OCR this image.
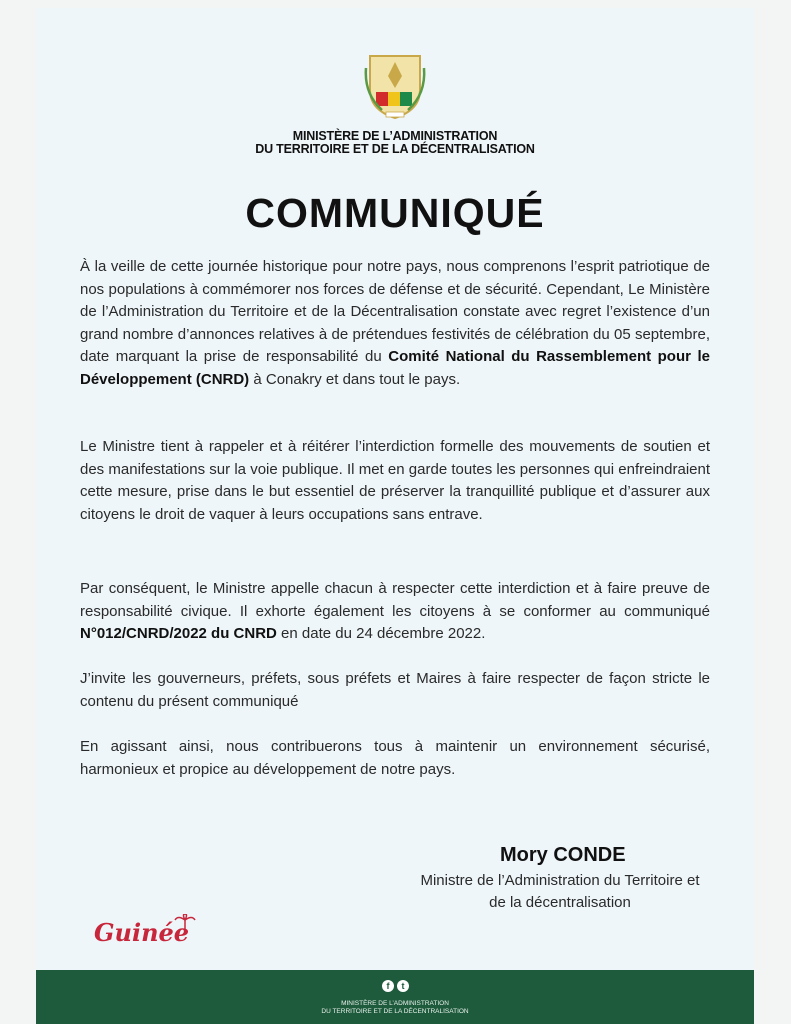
MINISTÈRE DE L’ADMINISTRATION
DU TERRITOIRE ET DE LA DÉCENTRALISATION
COMMUNIQUÉ
À la veille de cette journée historique pour notre pays, nous comprenons l’esprit patriotique de nos populations à commémorer nos forces de défense et de sécurité. Cependant, Le Ministère de l’Administration du Territoire et de la Décentralisation constate avec regret l’existence d’un grand nombre d’annonces relatives à de prétendues festivités de célébration du 05 septembre, date marquant la prise de responsabilité du Comité National du Rassemblement pour le Développement (CNRD) à Conakry et dans tout le pays.
Le Ministre tient à rappeler et à réitérer l’interdiction formelle des mouvements de soutien et des manifestations sur la voie publique. Il met en garde toutes les personnes qui enfreindraient cette mesure, prise dans le but essentiel de préserver la tranquillité publique et d’assurer aux citoyens le droit de vaquer à leurs occupations sans entrave.
Par conséquent, le Ministre appelle chacun à respecter cette interdiction et à faire preuve de responsabilité civique. Il exhorte également les citoyens à se conformer au communiqué N°012/CNRD/2022 du CNRD en date du 24 décembre 2022.
J’invite les gouverneurs, préfets, sous préfets et Maires à faire respecter de façon stricte le contenu du présent communiqué
En agissant ainsi, nous contribuerons tous à maintenir un environnement sécurisé, harmonieux et propice au développement de notre pays.
Mory CONDE
Ministre de l’Administration du Territoire et
de la décentralisation
Guinée
f	t
MINISTÈRE DE L’ADMINISTRATION
DU TERRITOIRE ET DE LA DÉCENTRALISATION
